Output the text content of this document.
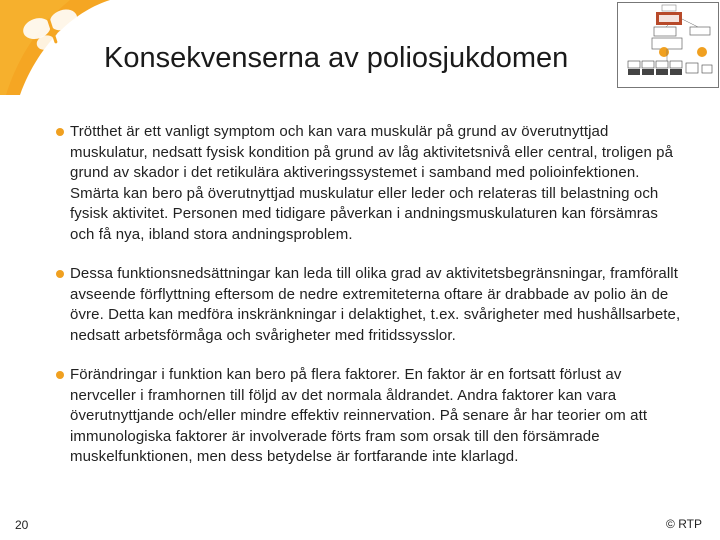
Konsekvenserna av poliosjukdomen
Trötthet är ett vanligt symptom och kan vara muskulär på grund av överutnyttjad muskulatur, nedsatt fysisk kondition på grund av låg aktivitetsnivå eller central, troligen på grund av skador i det retikulära aktiveringssystemet i samband med polioinfektionen. Smärta kan bero på överutnyttjad muskulatur eller leder och relateras till belastning och fysisk aktivitet. Personen med tidigare påverkan i andningsmuskulaturen kan försämras och få nya, ibland stora andningsproblem.
Dessa funktionsnedsättningar kan leda till olika grad av aktivitetsbegränsningar, framförallt avseende förflyttning eftersom de nedre extremiteterna oftare är drabbade av polio än de övre. Detta kan medföra inskränkningar i delaktighet, t.ex. svårigheter med hushållsarbete, nedsatt arbetsförmåga och svårigheter med fritidssysslor.
Förändringar i funktion kan bero på flera faktorer. En faktor är en fortsatt förlust av nervceller i framhornen till följd av det normala åldrandet. Andra faktorer kan vara överutnyttjande och/eller mindre effektiv reinnervation. På senare år har teorier om att immunologiska faktorer är involverade förts fram som orsak till den försämrade muskelfunktionen, men dess betydelse är fortfarande inte klarlagd.
20	© RTP
